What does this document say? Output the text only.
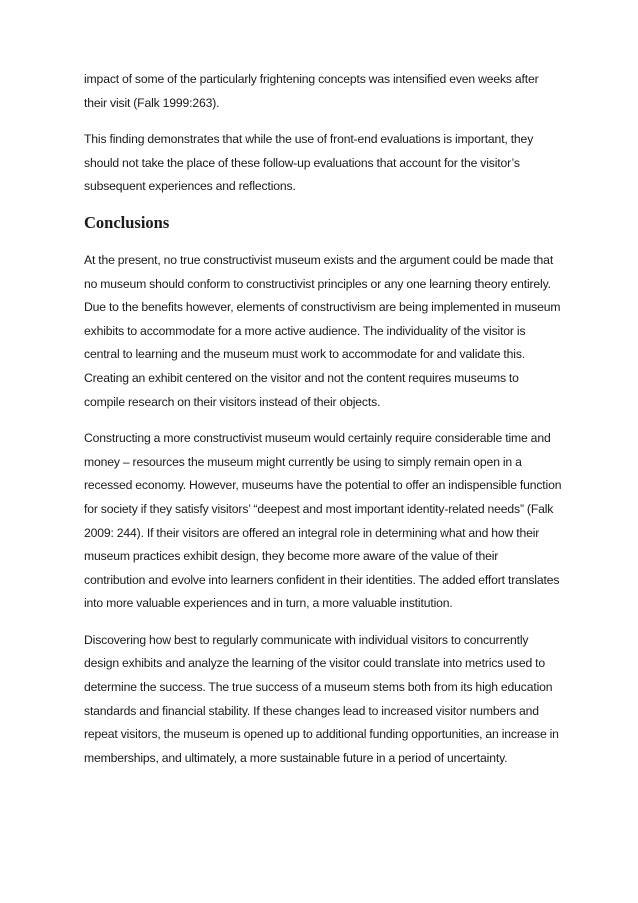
impact of some of the particularly frightening concepts was intensified even weeks after their visit (Falk 1999:263).

This finding demonstrates that while the use of front-end evaluations is important, they should not take the place of these follow-up evaluations that account for the visitor’s subsequent experiences and reflections.

Conclusions

At the present, no true constructivist museum exists and the argument could be made that no museum should conform to constructivist principles or any one learning theory entirely. Due to the benefits however, elements of constructivism are being implemented in museum exhibits to accommodate for a more active audience. The individuality of the visitor is central to learning and the museum must work to accommodate for and validate this. Creating an exhibit centered on the visitor and not the content requires museums to compile research on their visitors instead of their objects.

Constructing a more constructivist museum would certainly require considerable time and money – resources the museum might currently be using to simply remain open in a recessed economy. However, museums have the potential to offer an indispensible function for society if they satisfy visitors’ “deepest and most important identity-related needs” (Falk 2009: 244). If their visitors are offered an integral role in determining what and how their museum practices exhibit design, they become more aware of the value of their contribution and evolve into learners confident in their identities. The added effort translates into more valuable experiences and in turn, a more valuable institution.

Discovering how best to regularly communicate with individual visitors to concurrently design exhibits and analyze the learning of the visitor could translate into metrics used to determine the success. The true success of a museum stems both from its high education standards and financial stability. If these changes lead to increased visitor numbers and repeat visitors, the museum is opened up to additional funding opportunities, an increase in memberships, and ultimately, a more sustainable future in a period of uncertainty.
